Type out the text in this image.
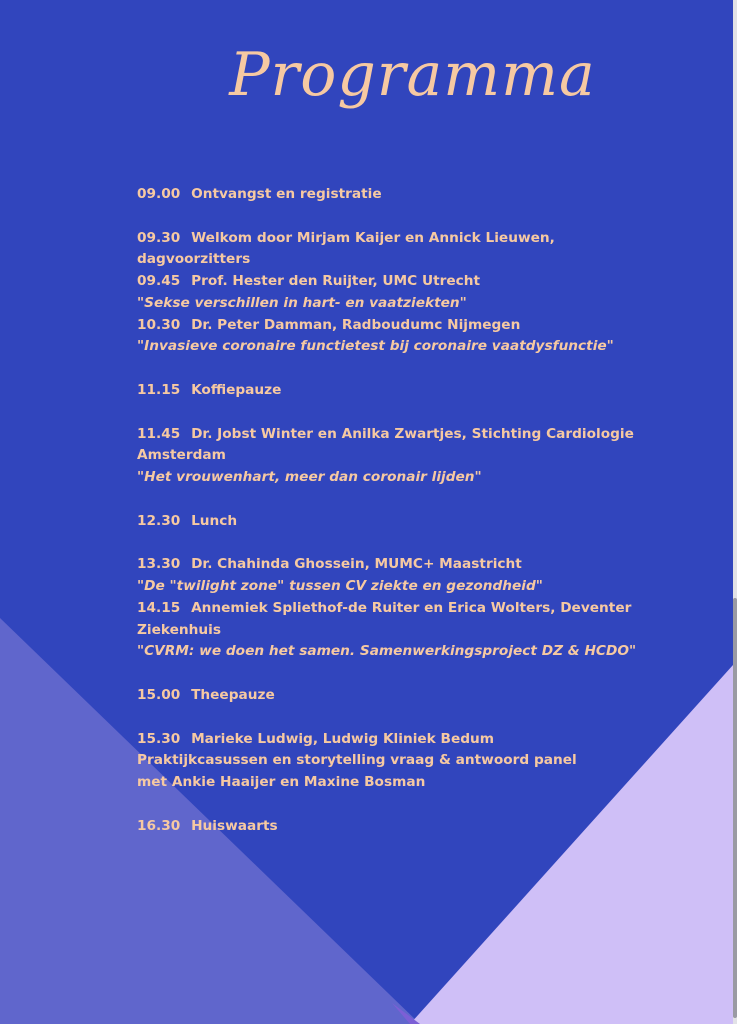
Programma
09.00 Ontvangst en registratie
09.30 Welkom door Mirjam Kaijer en Annick Lieuwen,
dagvoorzitters
09.45 Prof. Hester den Ruijter, UMC Utrecht
"Sekse verschillen in hart- en vaatziekten"
10.30 Dr. Peter Damman, Radboudumc Nijmegen
"Invasieve coronaire functietest bij coronaire vaatdysfunctie"
11.15 Koffiepauze
11.45 Dr. Jobst Winter en Anilka Zwartjes, Stichting Cardiologie
Amsterdam
"Het vrouwenhart, meer dan coronair lijden"
12.30 Lunch
13.30 Dr. Chahinda Ghossein, MUMC+ Maastricht
"De "twilight zone" tussen CV ziekte en gezondheid"
14.15 Annemiek Spliethof-de Ruiter en Erica Wolters, Deventer
Ziekenhuis
"CVRM: we doen het samen. Samenwerkingsproject DZ & HCDO"
15.00 Theepauze
15.30 Marieke Ludwig, Ludwig Kliniek Bedum
Praktijkcasussen en storytelling vraag & antwoord panel
met Ankie Haaijer en Maxine Bosman
16.30 Huiswaarts
